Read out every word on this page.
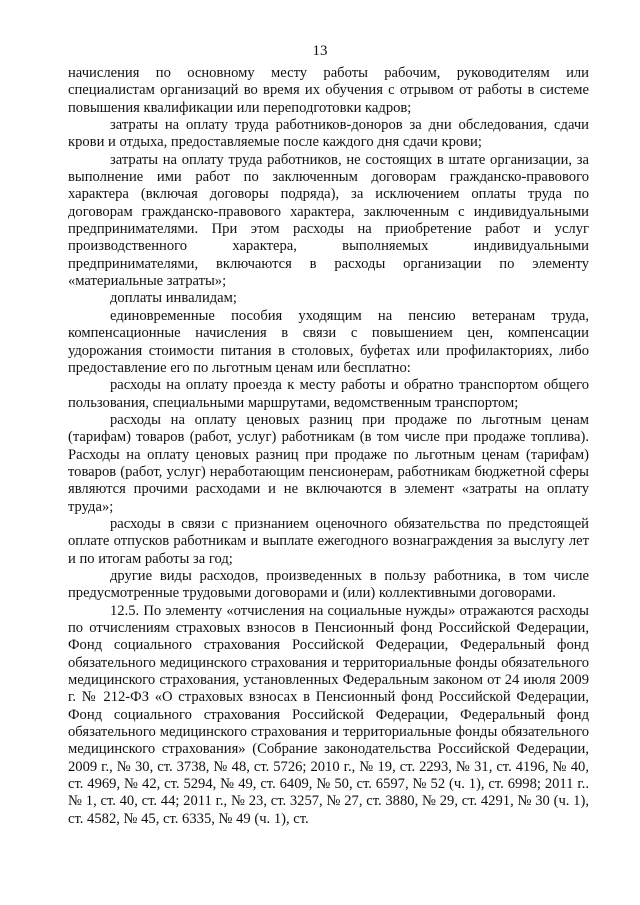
13

начисления по основному месту работы рабочим, руководителям или специалистам организаций во время их обучения с отрывом от работы в системе повышения квалификации или переподготовки кадров;

затраты на оплату труда работников-доноров за дни обследования, сдачи крови и отдыха, предоставляемые после каждого дня сдачи крови;

затраты на оплату труда работников, не состоящих в штате организации, за выполнение ими работ по заключенным договорам гражданско-правового характера (включая договоры подряда), за исключением оплаты труда по договорам гражданско-правового характера, заключенным с индивидуальными предпринимателями. При этом расходы на приобретение работ и услуг производственного характера, выполняемых индивидуальными предпринимателями, включаются в расходы организации по элементу «материальные затраты»;

доплаты инвалидам;

единовременные пособия уходящим на пенсию ветеранам труда, компенсационные начисления в связи с повышением цен, компенсации удорожания стоимости питания в столовых, буфетах или профилакториях, либо предоставление его по льготным ценам или бесплатно:

расходы на оплату проезда к месту работы и обратно транспортом общего пользования, специальными маршрутами, ведомственным транспортом;

расходы на оплату ценовых разниц при продаже по льготным ценам (тарифам) товаров (работ, услуг) работникам (в том числе при продаже топлива). Расходы на оплату ценовых разниц при продаже по льготным ценам (тарифам) товаров (работ, услуг) неработающим пенсионерам, работникам бюджетной сферы являются прочими расходами и не включаются в элемент «затраты на оплату труда»;

расходы в связи с признанием оценочного обязательства по предстоящей оплате отпусков работникам и выплате ежегодного вознаграждения за выслугу лет и по итогам работы за год;

другие виды расходов, произведенных в пользу работника, в том числе предусмотренные трудовыми договорами и (или) коллективными договорами.

12.5. По элементу «отчисления на социальные нужды» отражаются расходы по отчислениям страховых взносов в Пенсионный фонд Российской Федерации, Фонд социального страхования Российской Федерации, Федеральный фонд обязательного медицинского страхования и территориальные фонды обязательного медицинского страхования, установленных Федеральным законом от 24 июля 2009 г. № 212-ФЗ «О страховых взносах в Пенсионный фонд Российской Федерации, Фонд социального страхования Российской Федерации, Федеральный фонд обязательного медицинского страхования и территориальные фонды обязательного медицинского страхования» (Собрание законодательства Российской Федерации, 2009 г., № 30, ст. 3738, № 48, ст. 5726; 2010 г., № 19, ст. 2293, № 31, ст. 4196, № 40, ст. 4969, № 42, ст. 5294, № 49, ст. 6409, № 50, ст. 6597, № 52 (ч. 1), ст. 6998; 2011 г.. № 1, ст. 40, ст. 44; 2011 г., № 23, ст. 3257, № 27, ст. 3880, № 29, ст. 4291, № 30 (ч. 1), ст. 4582, № 45, ст. 6335, № 49 (ч. 1), ст.
